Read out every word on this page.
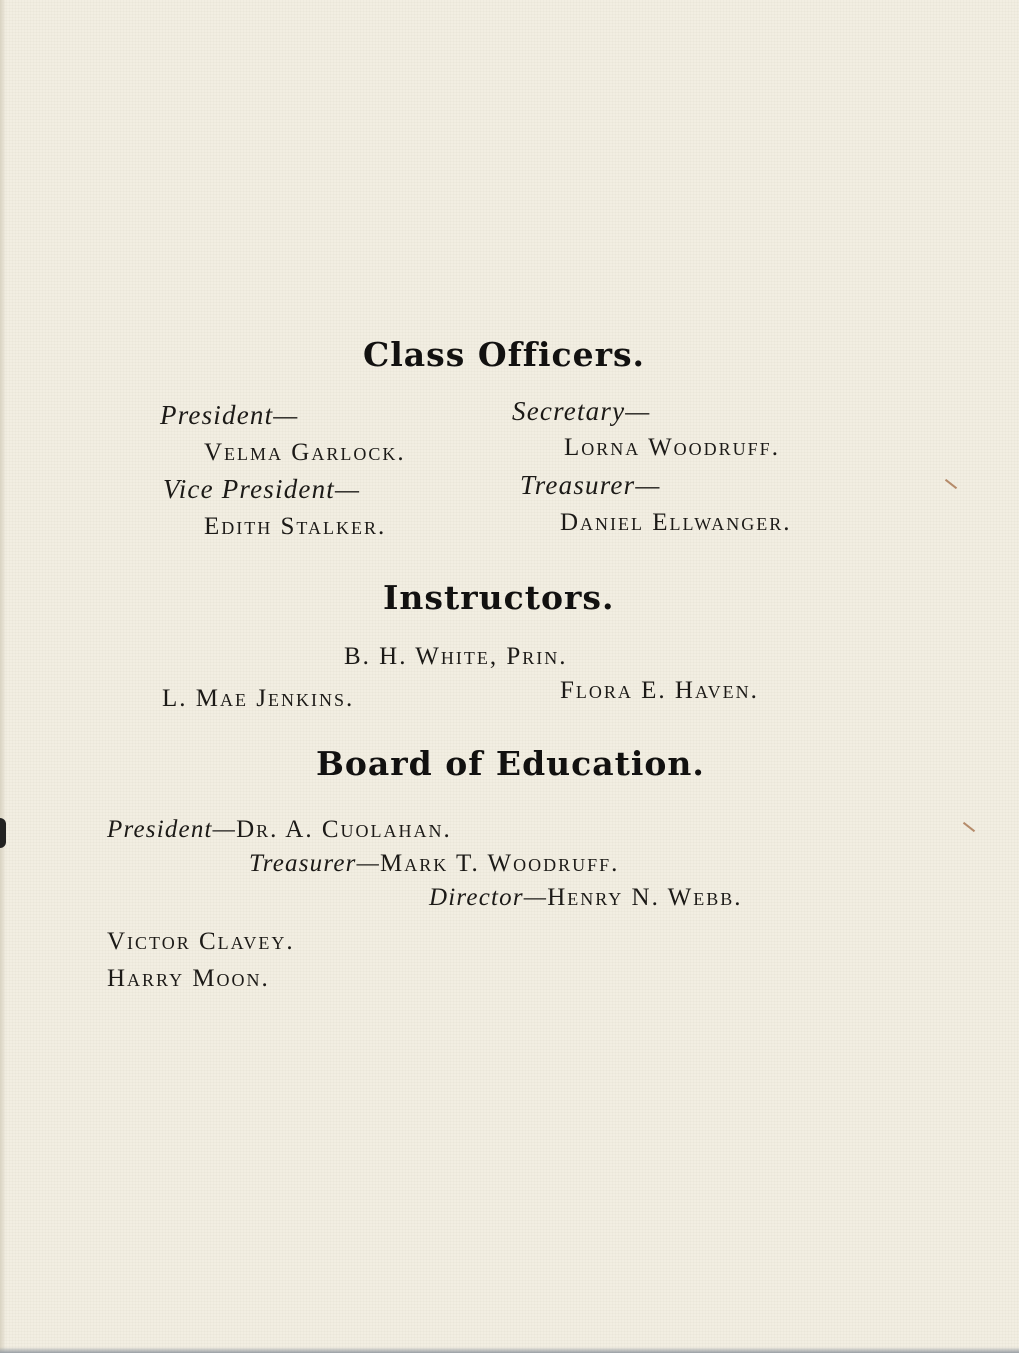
Class Officers.
President—
Velma Garlock.
Vice President—
Edith Stalker.
Secretary—
Lorna Woodruff.
Treasurer—
Daniel Ellwanger.
Instructors.
B. H. White, Prin.
L. Mae Jenkins.	Flora E. Haven.
Board of Education.
President—Dr. A. Cuolahan.
Treasurer—Mark T. Woodruff.
Director—Henry N. Webb.
Victor Clavey.
Harry Moon.
